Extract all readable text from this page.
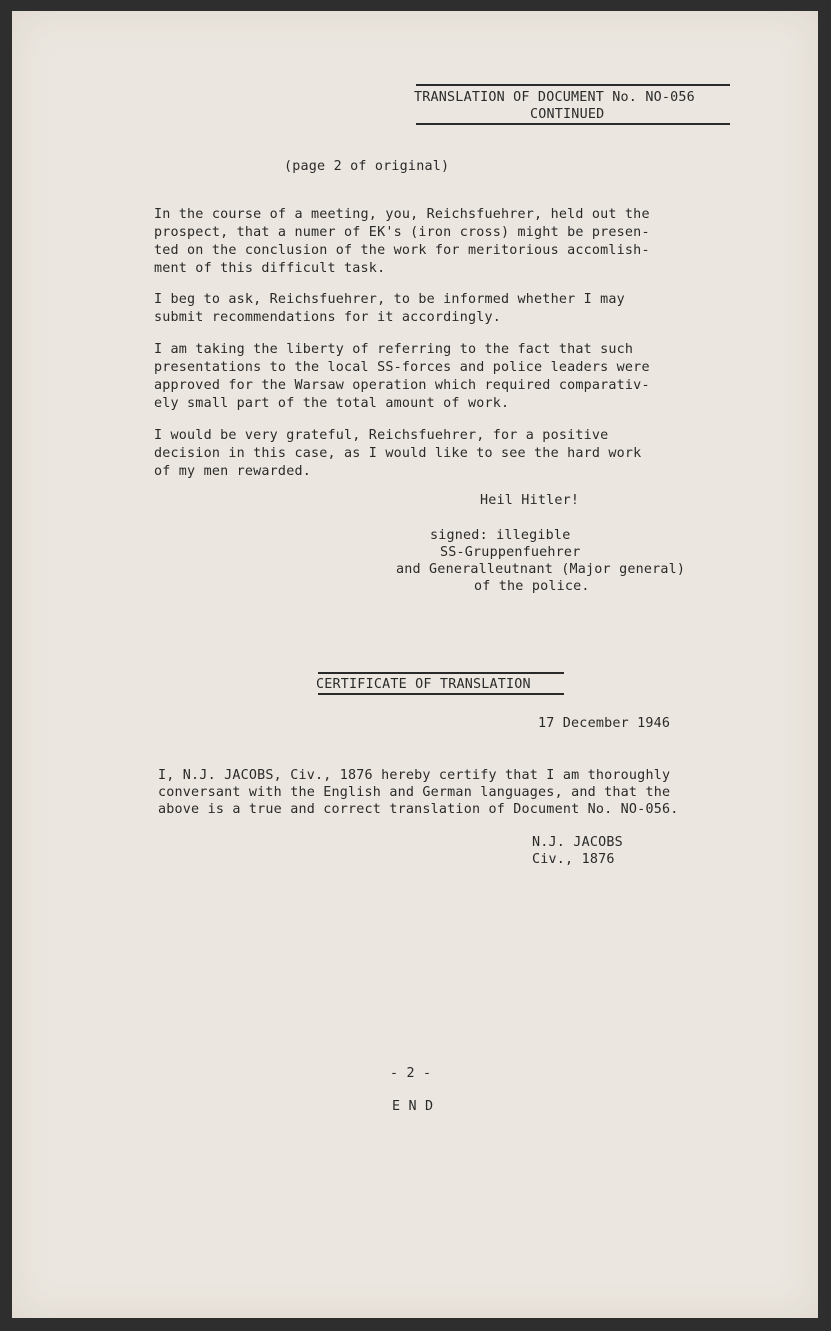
TRANSLATION OF DOCUMENT No. NO-056
CONTINUED
(page 2 of original)
In the course of a meeting, you, Reichsfuehrer, held out the
prospect, that a numer of EK's (iron cross) might be presen-
ted on the conclusion of the work for meritorious accomlish-
ment of this difficult task.
I beg to ask, Reichsfuehrer, to be informed whether I may
submit recommendations for it accordingly.
I am taking the liberty of referring to the fact that such
presentations to the local SS-forces and police leaders were
approved for the Warsaw operation which required comparativ-
ely small part of the total amount of work.
I would be very grateful, Reichsfuehrer, for a positive
decision in this case, as I would like to see the hard work
of my men rewarded.
Heil Hitler!
signed: illegible
SS-Gruppenfuehrer
and Generalleutnant (Major general)
of the police.
CERTIFICATE OF TRANSLATION
17 December 1946
I, N.J. JACOBS, Civ., 1876 hereby certify that I am thoroughly
conversant with the English and German languages, and that the
above is a true and correct translation of Document No. NO-056.
N.J. JACOBS
Civ., 1876
- 2 -
E N D
